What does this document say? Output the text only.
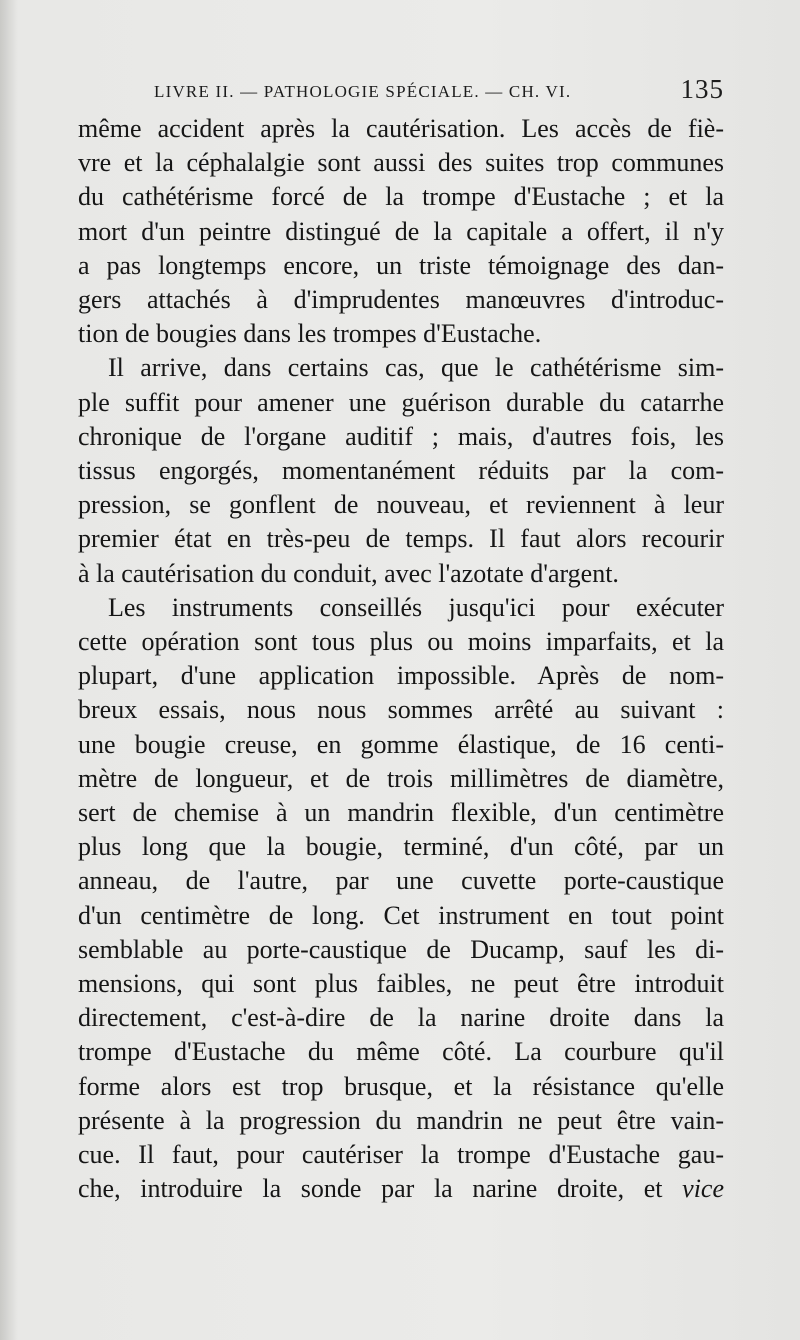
LIVRE II. — PATHOLOGIE SPÉCIALE. — CH. VI.	135

même accident après la cautérisation. Les accès de fiè-

vre et la céphalalgie sont aussi des suites trop communes

du cathétérisme forcé de la trompe d'Eustache ; et la

mort d'un peintre distingué de la capitale a offert, il n'y

a pas longtemps encore, un triste témoignage des dan-

gers attachés à d'imprudentes manœuvres d'introduc-

tion de bougies dans les trompes d'Eustache.

Il arrive, dans certains cas, que le cathétérisme sim-

ple suffit pour amener une guérison durable du catarrhe

chronique de l'organe auditif ; mais, d'autres fois, les

tissus engorgés, momentanément réduits par la com-

pression, se gonflent de nouveau, et reviennent à leur

premier état en très-peu de temps. Il faut alors recourir

à la cautérisation du conduit, avec l'azotate d'argent.

Les instruments conseillés jusqu'ici pour exécuter

cette opération sont tous plus ou moins imparfaits, et la

plupart, d'une application impossible. Après de nom-

breux essais, nous nous sommes arrêté au suivant :

une bougie creuse, en gomme élastique, de 16 centi-

mètre de longueur, et de trois millimètres de diamètre,

sert de chemise à un mandrin flexible, d'un centimètre

plus long que la bougie, terminé, d'un côté, par un

anneau, de l'autre, par une cuvette porte-caustique

d'un centimètre de long. Cet instrument en tout point

semblable au porte-caustique de Ducamp, sauf les di-

mensions, qui sont plus faibles, ne peut être introduit

directement, c'est-à-dire de la narine droite dans la

trompe d'Eustache du même côté. La courbure qu'il

forme alors est trop brusque, et la résistance qu'elle

présente à la progression du mandrin ne peut être vain-

cue. Il faut, pour cautériser la trompe d'Eustache gau-

che, introduire la sonde par la narine droite, et vice
